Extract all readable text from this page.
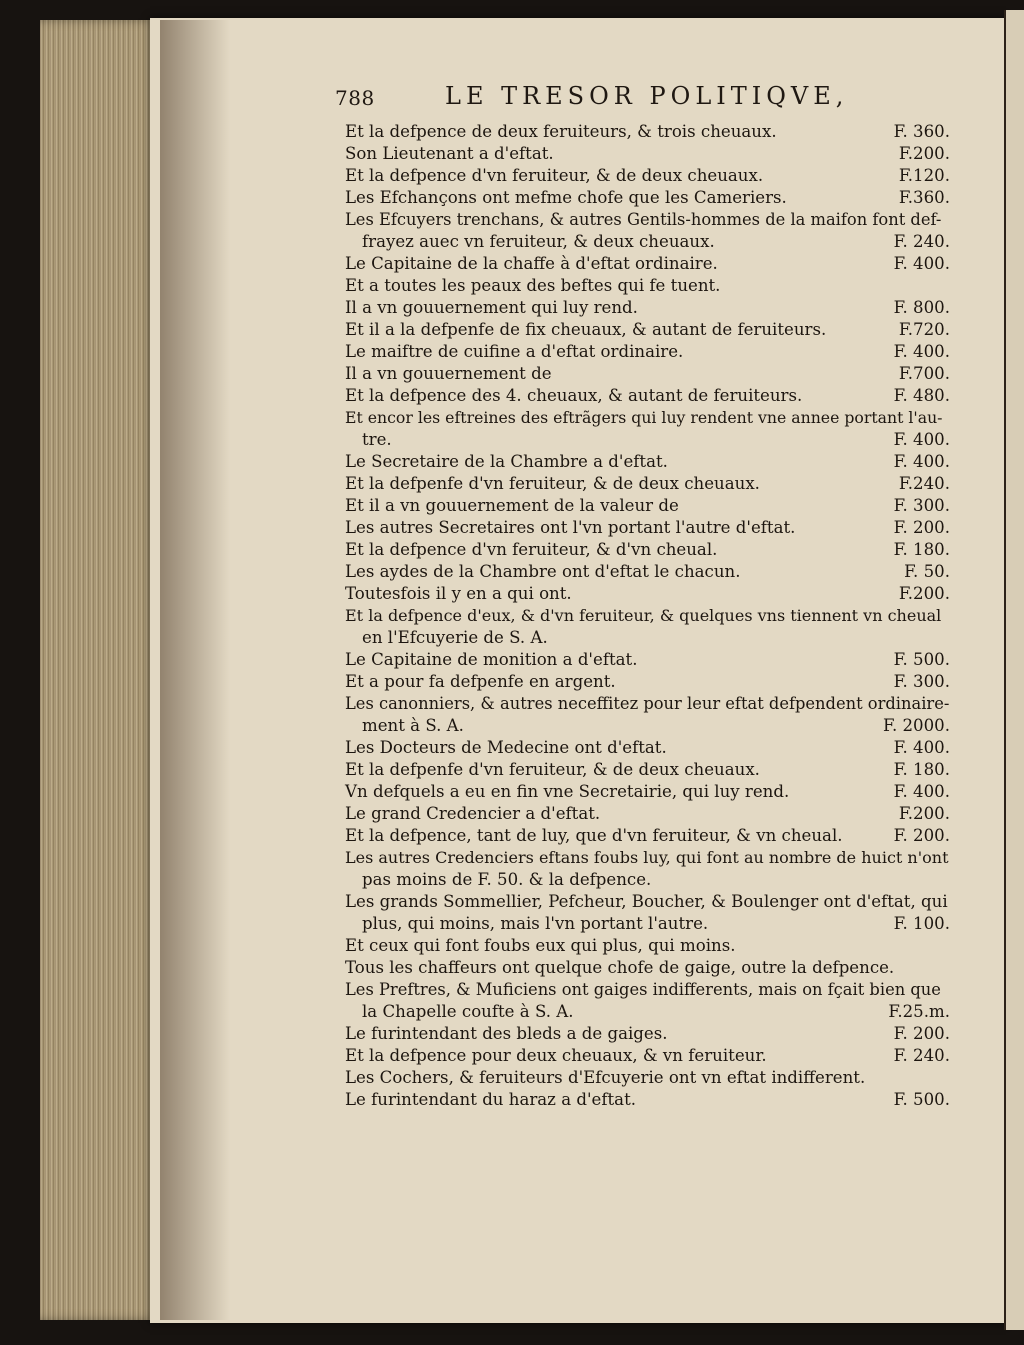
788	LE TRESOR POLITIQVE,
Et la defpence de deux feruiteurs, & trois cheuaux.	F. 360.
Son Lieutenant a d'eftat.	F.200.
Et la defpence d'vn feruiteur, & de deux cheuaux.	F.120.
Les Efchançons ont mefme chofe que les Cameriers.	F.360.
Les Efcuyers trenchans, & autres Gentils-hommes de la maifon font def-
frayez auec vn feruiteur, & deux cheuaux.	F. 240.
Le Capitaine de la chaffe à d'eftat ordinaire.	F. 400.
Et a toutes les peaux des beftes qui fe tuent.
Il a vn gouuernement qui luy rend.	F. 800.
Et il a la defpenfe de fix cheuaux, & autant de feruiteurs.	F.720.
Le maiftre de cuifine a d'eftat ordinaire.	F. 400.
Il a vn gouuernement de	F.700.
Et la defpence des 4. cheuaux, & autant de feruiteurs.	F. 480.
Et encor les eftreines des eftrãgers qui luy rendent vne annee portant l'au-
tre.	F. 400.
Le Secretaire de la Chambre a d'eftat.	F. 400.
Et la defpenfe d'vn feruiteur, & de deux cheuaux.	F.240.
Et il a vn gouuernement de la valeur de	F. 300.
Les autres Secretaires ont l'vn portant l'autre d'eftat.	F. 200.
Et la defpence d'vn feruiteur, & d'vn cheual.	F. 180.
Les aydes de la Chambre ont d'eftat le chacun.	F. 50.
Toutesfois il y en a qui ont.	F.200.
Et la defpence d'eux, & d'vn feruiteur, & quelques vns tiennent vn cheual
en l'Efcuyerie de S. A.
Le Capitaine de monition a d'eftat.	F. 500.
Et a pour fa defpenfe en argent.	F. 300.
Les canonniers, & autres neceffitez pour leur eftat defpendent ordinaire-
ment à S. A.	F. 2000.
Les Docteurs de Medecine ont d'eftat.	F. 400.
Et la defpenfe d'vn feruiteur, & de deux cheuaux.	F. 180.
Vn defquels a eu en fin vne Secretairie, qui luy rend.	F. 400.
Le grand Credencier a d'eftat.	F.200.
Et la defpence, tant de luy, que d'vn feruiteur, & vn cheual.	F. 200.
Les autres Credenciers eftans foubs luy, qui font au nombre de huict n'ont
pas moins de F. 50. & la defpence.
Les grands Sommellier, Pefcheur, Boucher, & Boulenger ont d'eftat, qui
plus, qui moins, mais l'vn portant l'autre.	F. 100.
Et ceux qui font foubs eux qui plus, qui moins.
Tous les chaffeurs ont quelque chofe de gaige, outre la defpence.
Les Preftres, & Muficiens ont gaiges indifferents, mais on fçait bien que
la Chapelle coufte à S. A.	F.25.m.
Le furintendant des bleds a de gaiges.	F. 200.
Et la defpence pour deux cheuaux, & vn feruiteur.	F. 240.
Les Cochers, & feruiteurs d'Efcuyerie ont vn eftat indifferent.
Le furintendant du haraz a d'eftat.	F. 500.
